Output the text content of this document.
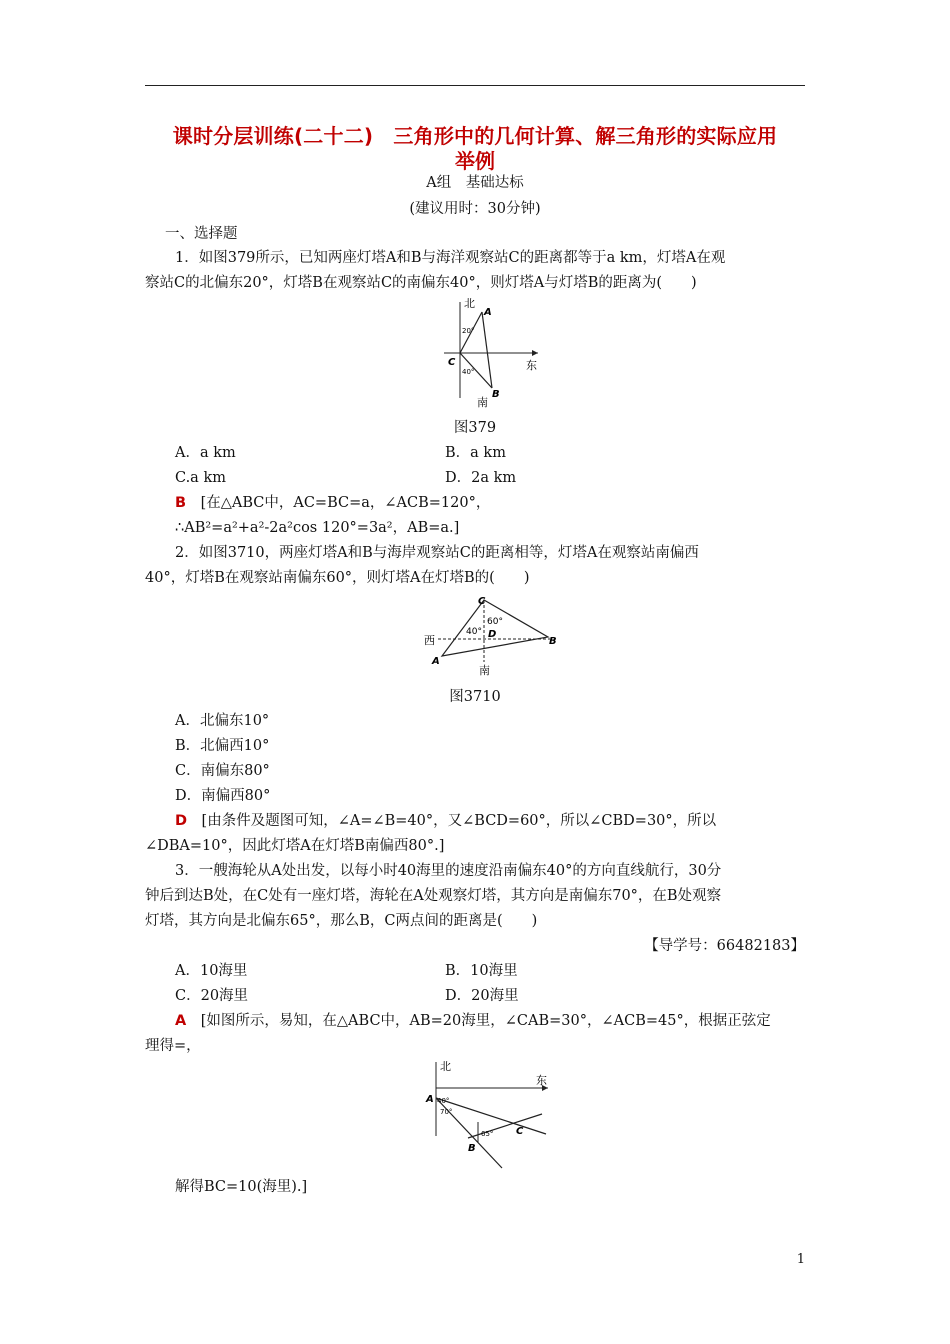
课时分层训练(二十二)　三角形中的几何计算、解三角形的实际应用
举例
A组　基础达标
(建议用时：30分钟)
一、选择题
1．如图379所示，已知两座灯塔A和B与海洋观察站C的距离都等于a km，灯塔A在观
察站C的北偏东20°，灯塔B在观察站C的南偏东40°，则灯塔A与灯塔B的距离为(　　)
北
A
20°
C
40°	东
B
南
图379
A．a km	B．a km
C.a km	D．2a km
B　 [在△ABC中，AC=BC=a，∠ACB=120°，
∴AB²=a²+a²-2a²cos 120°=3a²，AB=a.]
2．如图3710，两座灯塔A和B与海岸观察站C的距离相等，灯塔A在观察站南偏西
40°，灯塔B在观察站南偏东60°，则灯塔A在灯塔B的(　　)
C
60°
40° D
西	B
A
南
图3710
A．北偏东10°
B．北偏西10°
C．南偏东80°
D．南偏西80°
D　 [由条件及题图可知，∠A=∠B=40°，又∠BCD=60°，所以∠CBD=30°，所以
∠DBA=10°，因此灯塔A在灯塔B南偏西80°.]
3．一艘海轮从A处出发，以每小时40海里的速度沿南偏东40°的方向直线航行，30分
钟后到达B处，在C处有一座灯塔，海轮在A处观察灯塔，其方向是南偏东70°，在B处观察
灯塔，其方向是北偏东65°，那么B，C两点间的距离是(　　)
【导学号：66482183】
A．10海里	B．10海里
C．20海里	D．20海里
A　 [如图所示，易知，在△ABC中，AB=20海里，∠CAB=30°，∠ACB=45°，根据正弦定
理得=，
北
东
A 40°
70°
65° C
B
解得BC=10(海里).]
1
